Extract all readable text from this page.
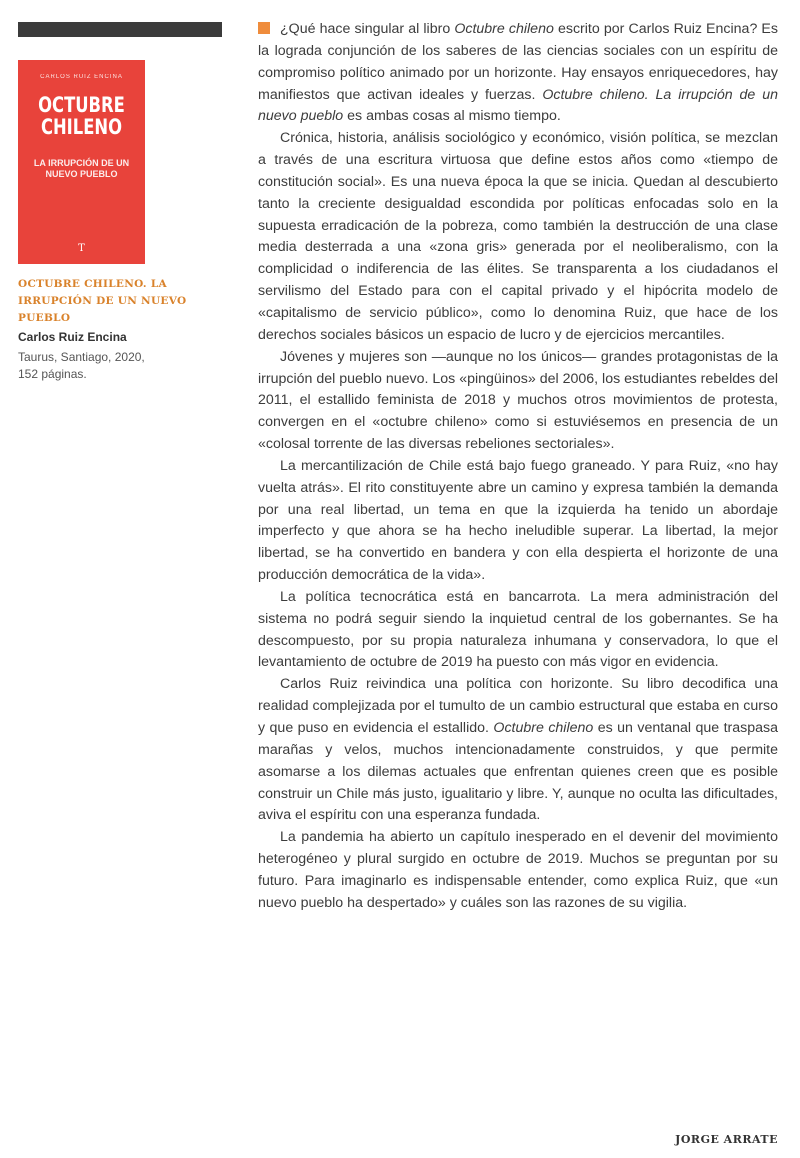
CARLOS RUIZ ENCINA
OCTUBRE CHILENO
LA IRRUPCIÓN DE UN NUEVO PUEBLO
T
OCTUBRE CHILENO. LA IRRUPCIÓN DE UN NUEVO PUEBLO
Carlos Ruiz Encina
Taurus, Santiago, 2020, 152 páginas.

¿Qué hace singular al libro Octubre chileno escrito por Carlos Ruiz Encina? Es la lograda conjunción de los saberes de las ciencias sociales con un espíritu de compromiso político animado por un horizonte. Hay ensayos enriquecedores, hay manifiestos que activan ideales y fuerzas. Octubre chileno. La irrupción de un nuevo pueblo es ambas cosas al mismo tiempo.

Crónica, historia, análisis sociológico y económico, visión política, se mezclan a través de una escritura virtuosa que define estos años como «tiempo de constitución social». Es una nueva época la que se inicia. Quedan al descubierto tanto la creciente desigualdad escondida por políticas enfocadas solo en la supuesta erradicación de la pobreza, como también la destrucción de una clase media desterrada a una «zona gris» generada por el neoliberalismo, con la complicidad o indiferencia de las élites. Se transparenta a los ciudadanos el servilismo del Estado para con el capital privado y el hipócrita modelo de «capitalismo de servicio público», como lo denomina Ruiz, que hace de los derechos sociales básicos un espacio de lucro y de ejercicios mercantiles.

Jóvenes y mujeres son —aunque no los únicos— grandes protagonistas de la irrupción del pueblo nuevo. Los «pingüinos» del 2006, los estudiantes rebeldes del 2011, el estallido feminista de 2018 y muchos otros movimientos de protesta, convergen en el «octubre chileno» como si estuviésemos en presencia de un «colosal torrente de las diversas rebeliones sectoriales».

La mercantilización de Chile está bajo fuego graneado. Y para Ruiz, «no hay vuelta atrás». El rito constituyente abre un camino y expresa también la demanda por una real libertad, un tema en que la izquierda ha tenido un abordaje imperfecto y que ahora se ha hecho ineludible superar. La libertad, la mejor libertad, se ha convertido en bandera y con ella despierta el horizonte de una producción democrática de la vida».

La política tecnocrática está en bancarrota. La mera administración del sistema no podrá seguir siendo la inquietud central de los gobernantes. Se ha descompuesto, por su propia naturaleza inhumana y conservadora, lo que el levantamiento de octubre de 2019 ha puesto con más vigor en evidencia.

Carlos Ruiz reivindica una política con horizonte. Su libro decodifica una realidad complejizada por el tumulto de un cambio estructural que estaba en curso y que puso en evidencia el estallido. Octubre chileno es un ventanal que traspasa marañas y velos, muchos intencionadamente construidos, y que permite asomarse a los dilemas actuales que enfrentan quienes creen que es posible construir un Chile más justo, igualitario y libre. Y, aunque no oculta las dificultades, aviva el espíritu con una esperanza fundada.

La pandemia ha abierto un capítulo inesperado en el devenir del movimiento heterogéneo y plural surgido en octubre de 2019. Muchos se preguntan por su futuro. Para imaginarlo es indispensable entender, como explica Ruiz, que «un nuevo pueblo ha despertado» y cuáles son las razones de su vigilia.

JORGE ARRATE
